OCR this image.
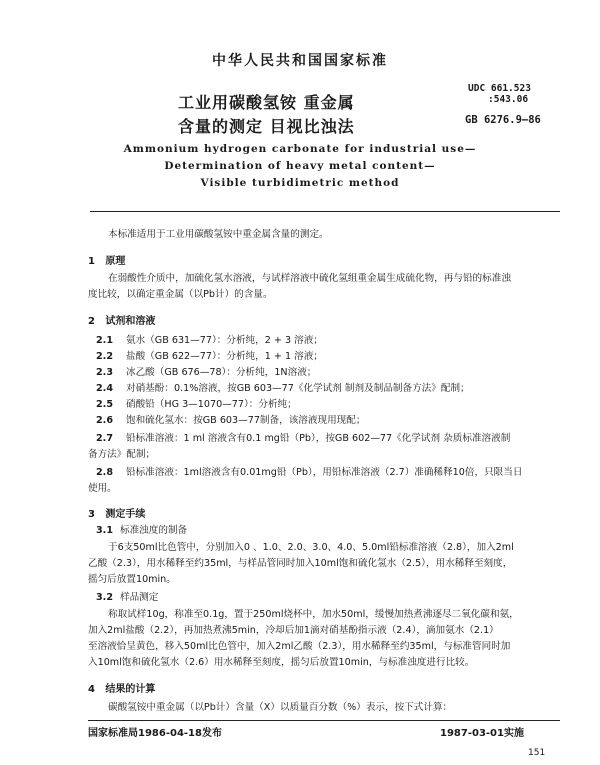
中华人民共和国国家标准
工业用碳酸氢铵 重金属
含量的测定 目视比浊法
UDC 661.523
:543.06
GB 6276.9—86
Ammonium hydrogen carbonate for industrial use—
Determination of heavy metal content—
Visible turbidimetric method
本标准适用于工业用碳酸氢铵中重金属含量的测定。
1 原理
在弱酸性介质中，加硫化氢水溶液，与试样溶液中硫化氢组重金属生成硫化物，再与铅的标准浊
度比较，以确定重金属（以Pb计）的含量。
2 试剂和溶液
2.1 氨水（GB 631—77）：分析纯，2 + 3 溶液；
2.2 盐酸（GB 622—77）：分析纯，1 + 1 溶液；
2.3 冰乙酸（GB 676—78）：分析纯，1N溶液；
2.4 对硝基酚：0.1%溶液，按GB 603—77《化学试剂 制剂及制品制备方法》配制；
2.5 硝酸铅（HG 3—1070—77）：分析纯；
2.6 饱和硫化氢水：按GB 603—77制备，该溶液现用现配；
2.7 铅标准溶液：1 ml 溶液含有0.1 mg铅（Pb），按GB 602—77《化学试剂 杂质标准溶液制
备方法》配制；
2.8 铅标准溶液：1ml溶液含有0.01mg铅（Pb），用铅标准溶液（2.7）准确稀释10倍，只限当日
使用。
3 测定手续
3.1 标准浊度的制备
于6支50ml比色管中，分别加入0 、1.0、2.0、3.0、4.0、5.0ml铅标准溶液（2.8），加入2ml
乙酸（2.3），用水稀释至约35ml，与样品管同时加入10ml饱和硫化氢水（2.5），用水稀释至刻度，
摇匀后放置10min。
3.2 样品测定
称取试样10g，称准至0.1g，置于250ml烧杯中，加水50ml，缓慢加热煮沸逐尽二氧化碳和氨，
加入2ml盐酸（2.2），再加热煮沸5min，冷却后加1滴对硝基酚指示液（2.4），滴加氨水（2.1）
至溶液恰呈黄色，移入50ml比色管中，加入2ml乙酸（2.3），用水稀释至约35ml，与标准管同时加
入10ml饱和硫化氢水（2.6）用水稀释至刻度，摇匀后放置10min，与标准浊度进行比较。
4 结果的计算
碳酸氢铵中重金属（以Pb计）含量（X）以质量百分数（%）表示，按下式计算：
国家标准局1986-04-18发布	1987-03-01实施
151
